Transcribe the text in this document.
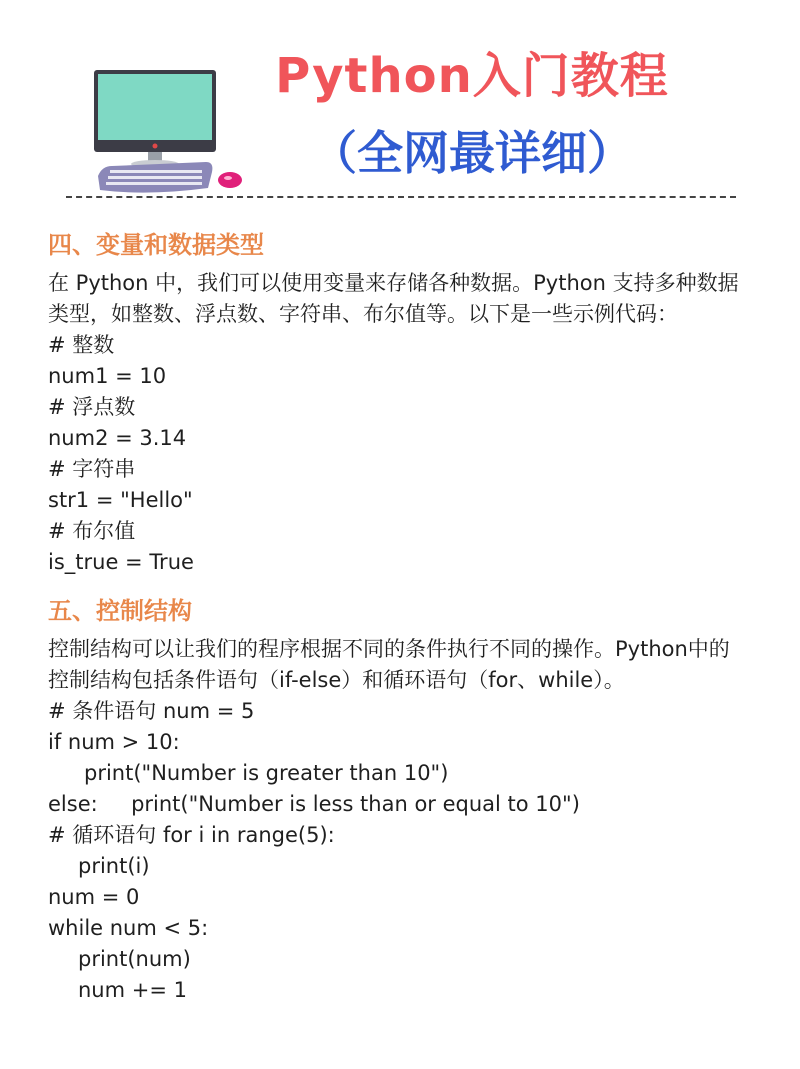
Python入门教程
（全网最详细）
四、变量和数据类型

在 Python 中，我们可以使用变量来存储各种数据。Python 支持多种数据类型，如整数、浮点数、字符串、布尔值等。以下是一些示例代码：

# 整数
num1 = 10
# 浮点数
num2 = 3.14
# 字符串
str1 = "Hello"
# 布尔值
is_true = True
五、控制结构

控制结构可以让我们的程序根据不同的条件执行不同的操作。Python中的控制结构包括条件语句（if-else）和循环语句（for、while）。

# 条件语句 num = 5
if num > 10:
print("Number is greater than 10")
else:     print("Number is less than or equal to 10")
# 循环语句 for i in range(5):
print(i)
num = 0
while num < 5:
print(num)
num += 1
